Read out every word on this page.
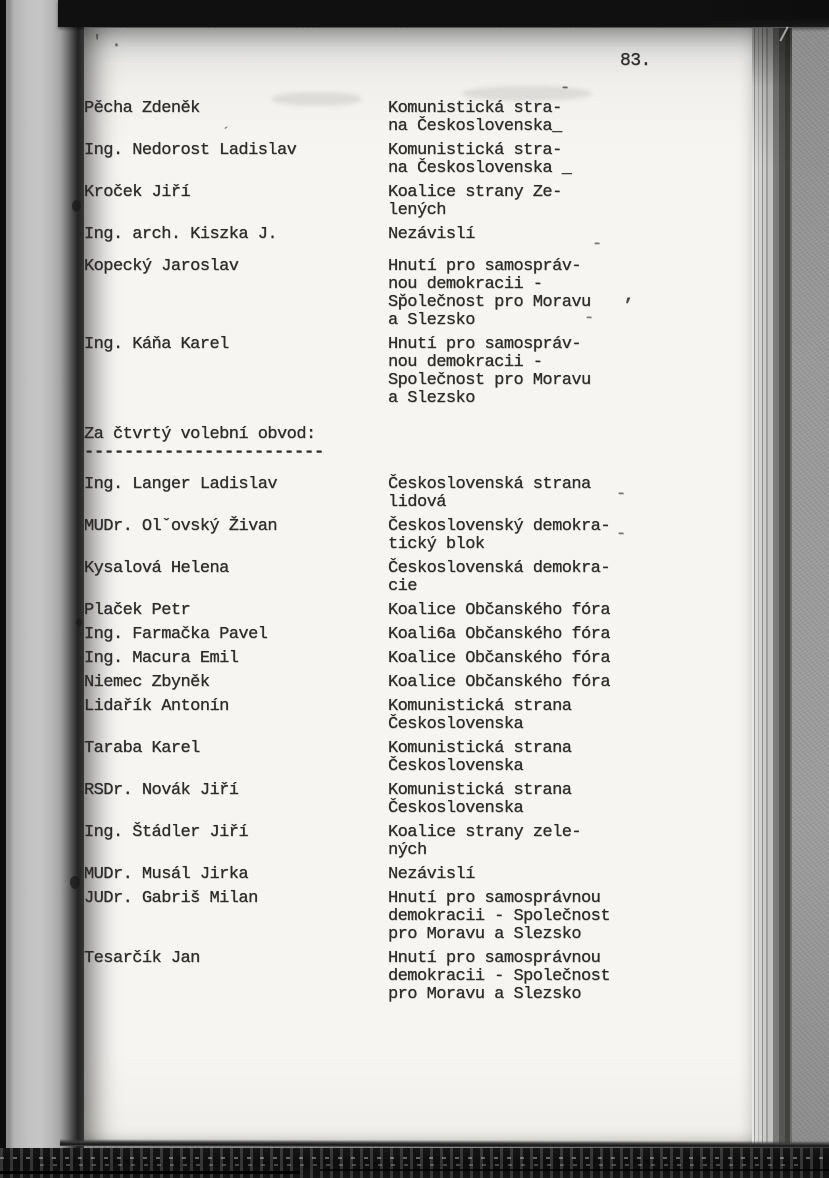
83.
' .
´
-
-
,
-
-
-
Pěcha Zdeněk	Komunistická stra-
na Československa_
Ing. Nedorost Ladislav	Komunistická stra-
na Československa _
Kroček Jiří	Koalice strany Ze-
lených
Ing. arch. Kiszka J.	Nezávislí
Kopecký Jaroslav	Hnutí pro samospráv-
nou demokracii -
Sp̌olečnost pro Moravu
a Slezsko
Ing. Káňa Karel	Hnutí pro samospráv-
nou demokracii -
Společnost pro Moravu
a Slezsko
Za čtvrtý volební obvod:
------------------------
Ing. Langer Ladislav	Československá strana
lidová
MUDr. Olˇovský Živan	Československý demokra-
tický blok
Kysalová Helena	Československá demokra-
cie
Plaček Petr	Koalice Občanského fóra
Ing. Farmačka Pavel	Koali6a Občanského fóra
Ing. Macura Emil	Koalice Občanského fóra
Niemec Zbyněk	Koalice Občanského fóra
Lidařík Antonín	Komunistická strana
Československa
Taraba Karel	Komunistická strana
Československa
RSDr. Novák Jiří	Komunistická strana
Československa
Ing. Štádler Jiří	Koalice strany zele-
ných
MUDr. Musál Jirka	Nezávislí
JUDr. Gabriš Milan	Hnutí pro samosprávnou
demokracii - Společnost
pro Moravu a Slezsko
Tesarčík Jan	Hnutí pro samosprávnou
demokracii - Společnost
pro Moravu a Slezsko
